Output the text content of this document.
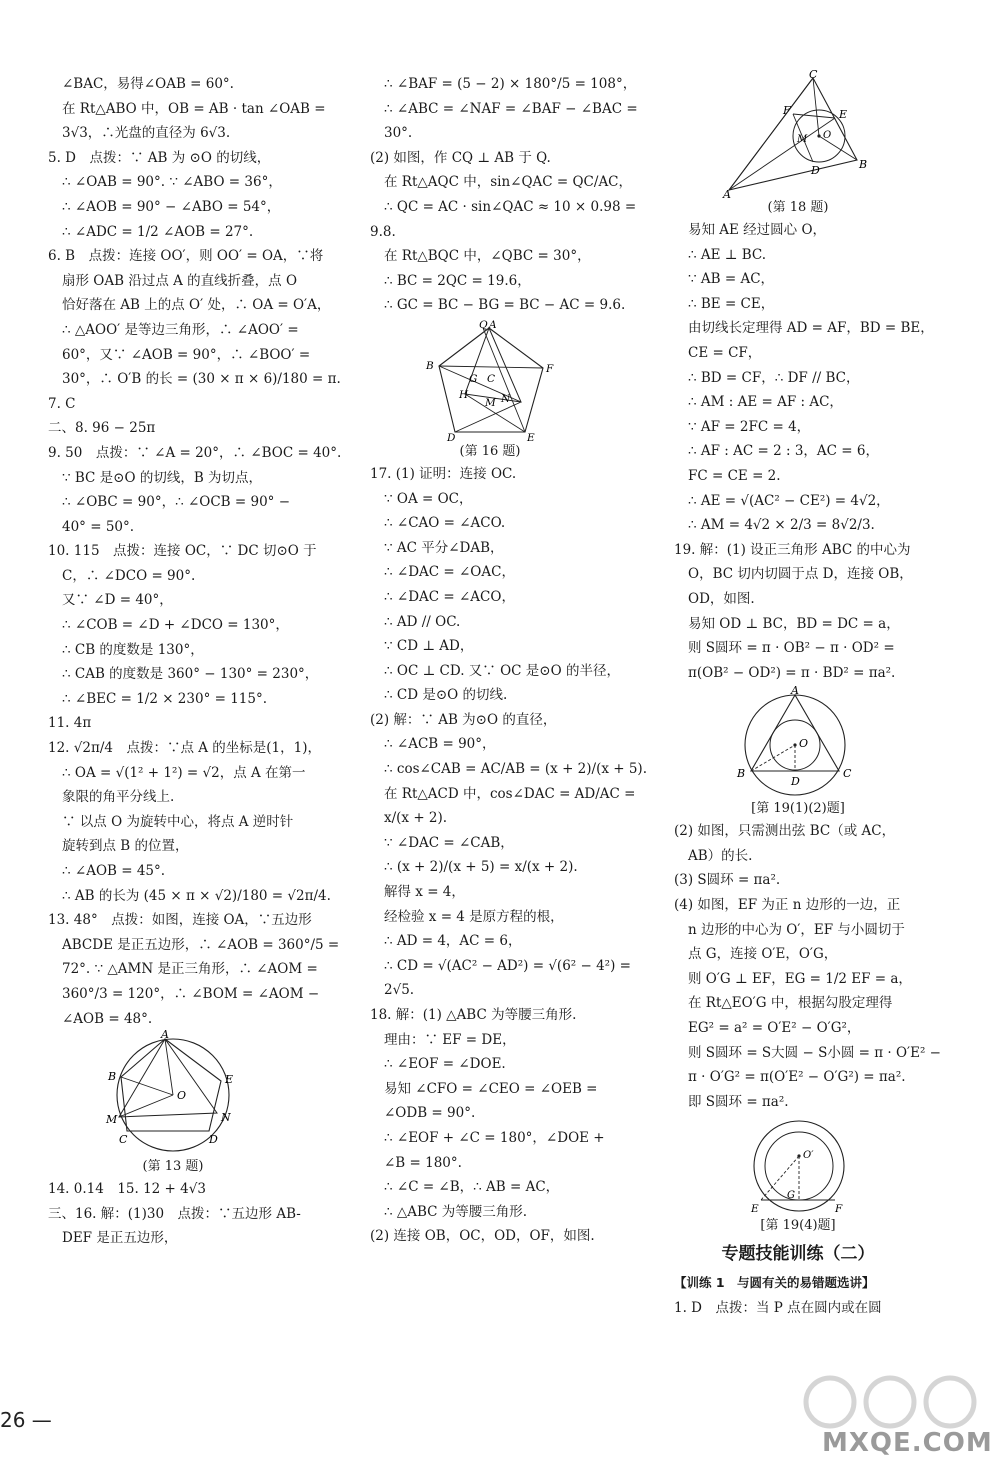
∠BAC，易得∠OAB = 60°.
在 Rt△ABO 中，OB = AB · tan ∠OAB =
3√3，∴光盘的直径为 6√3.
5. D　点拨：∵ AB 为 ⊙O 的切线，
∴ ∠OAB = 90°. ∵ ∠ABO = 36°，
∴ ∠AOB = 90° − ∠ABO = 54°，
∴ ∠ADC = 1/2 ∠AOB = 27°.
6. B　点拨：连接 OO′，则 OO′ = OA，∵将
扇形 OAB 沿过点 A 的直线折叠，点 O
恰好落在 AB 上的点 O′ 处，∴ OA = O′A，
∴ △AOO′ 是等边三角形，∴ ∠AOO′ =
60°，又∵ ∠AOB = 90°，∴ ∠BOO′ =
30°，∴ O′B 的长 = (30 × π × 6)/180 = π.
7. C
二、8. 96 − 25π
9. 50　点拨：∵ ∠A = 20°，∴ ∠BOC = 40°.
∵ BC 是⊙O 的切线，B 为切点，
∴ ∠OBC = 90°，∴ ∠OCB = 90° −
40° = 50°.
10. 115　点拨：连接 OC，∵ DC 切⊙O 于
C，∴ ∠DCO = 90°.
又∵ ∠D = 40°，
∴ ∠COB = ∠D + ∠DCO = 130°，
∴ CB 的度数是 130°，
∴ CAB 的度数是 360° − 130° = 230°，
∴ ∠BEC = 1/2 × 230° = 115°.
11. 4π
12. √2π/4　点拨：∵点 A 的坐标是(1，1)，
∴ OA = √(1² + 1²) = √2，点 A 在第一
象限的角平分线上.
∵ 以点 O 为旋转中心，将点 A 逆时针
旋转到点 B 的位置，
∴ ∠AOB = 45°.
∴ AB 的长为 (45 × π × √2)/180 = √2π/4.
13. 48°　点拨：如图，连接 OA，∵五边形
ABCDE 是正五边形，∴ ∠AOB = 360°/5 =
72°. ∵ △AMN 是正三角形，∴ ∠AOM =
360°/3 = 120°，∴ ∠BOM = ∠AOM −
∠AOB = 48°.
A
B	E
O
M	N
C	D
(第 13 题)
14. 0.14　15. 12 + 4√3
三、16. 解：(1)30　点拨：∵五边形 AB-
DEF 是正五边形，
∴ ∠BAF = (5 − 2) × 180°/5 = 108°，
∴ ∠ABC = ∠NAF = ∠BAF − ∠BAC =
30°.
(2) 如图，作 CQ ⊥ AB 于 Q.
在 Rt△AQC 中，sin∠QAC = QC/AC，
∴ QC = AC · sin∠QAC ≈ 10 × 0.98 =
9.8.
在 Rt△BQC 中，∠QBC = 30°，
∴ BC = 2QC = 19.6，
∴ GC = BC − BG = BC − AC = 9.6.
Q A
B	F
G C
H
M N
D	E
(第 16 题)
17. (1) 证明：连接 OC.
∵ OA = OC，
∴ ∠CAO = ∠ACO.
∵ AC 平分∠DAB，
∴ ∠DAC = ∠OAC，
∴ ∠DAC = ∠ACO，
∴ AD // OC.
∵ CD ⊥ AD，
∴ OC ⊥ CD. 又∵ OC 是⊙O 的半径，
∴ CD 是⊙O 的切线.
(2) 解：∵ AB 为⊙O 的直径，
∴ ∠ACB = 90°，
∴ cos∠CAB = AC/AB = (x + 2)/(x + 5).
在 Rt△ACD 中，cos∠DAC = AD/AC =
x/(x + 2).
∵ ∠DAC = ∠CAB，
∴ (x + 2)/(x + 5) = x/(x + 2).
解得 x = 4，
经检验 x = 4 是原方程的根，
∴ AD = 4，AC = 6，
∴ CD = √(AC² − AD²) = √(6² − 4²) =
2√5.
18. 解：(1) △ABC 为等腰三角形.
理由：∵ EF = DE，
∴ ∠EOF = ∠DOE.
易知 ∠CFO = ∠CEO = ∠OEB =
∠ODB = 90°.
∴ ∠EOF + ∠C = 180°，∠DOE +
∠B = 180°.
∴ ∠C = ∠B，∴ AB = AC，
∴ △ABC 为等腰三角形.
(2) 连接 OB，OC，OD，OF，如图.
C
F	E
O
M
D	B
A
(第 18 题)
易知 AE 经过圆心 O，
∴ AE ⊥ BC.
∵ AB = AC，
∴ BE = CE，
由切线长定理得 AD = AF，BD = BE，
CE = CF，
∴ BD = CF，∴ DF // BC，
∴ AM : AE = AF : AC，
∵ AF = 2FC = 4，
∴ AF : AC = 2 : 3，AC = 6，
FC = CE = 2.
∴ AE = √(AC² − CE²) = 4√2，
∴ AM = 4√2 × 2/3 = 8√2/3.
19. 解：(1) 设正三角形 ABC 的中心为
O，BC 切内切圆于点 D，连接 OB，
OD，如图.
易知 OD ⊥ BC，BD = DC = a，
则 S圆环 = π · OB² − π · OD² =
π(OB² − OD²) = π · BD² = πa².
A
O
B
D
C
[第 19(1)(2)题]
(2) 如图，只需测出弦 BC（或 AC，
AB）的长.
(3) S圆环 = πa².
(4) 如图，EF 为正 n 边形的一边，正
n 边形的中心为 O′，EF 与小圆切于
点 G，连接 O′E，O′G，
则 O′G ⊥ EF，EG = 1/2 EF = a，
在 Rt△EO′G 中，根据勾股定理得
EG² = a² = O′E² − O′G²，
则 S圆环 = S大圆 − S小圆 = π · O′E² −
π · O′G² = π(O′E² − O′G²) = πa².
即 S圆环 = πa².
O′
G
E	F
[第 19(4)题]
专题技能训练（二）
【训练 1　与圆有关的易错题选讲】
1. D　点拨：当 P 点在圆内或在圆
26 —
MXQE.COM
